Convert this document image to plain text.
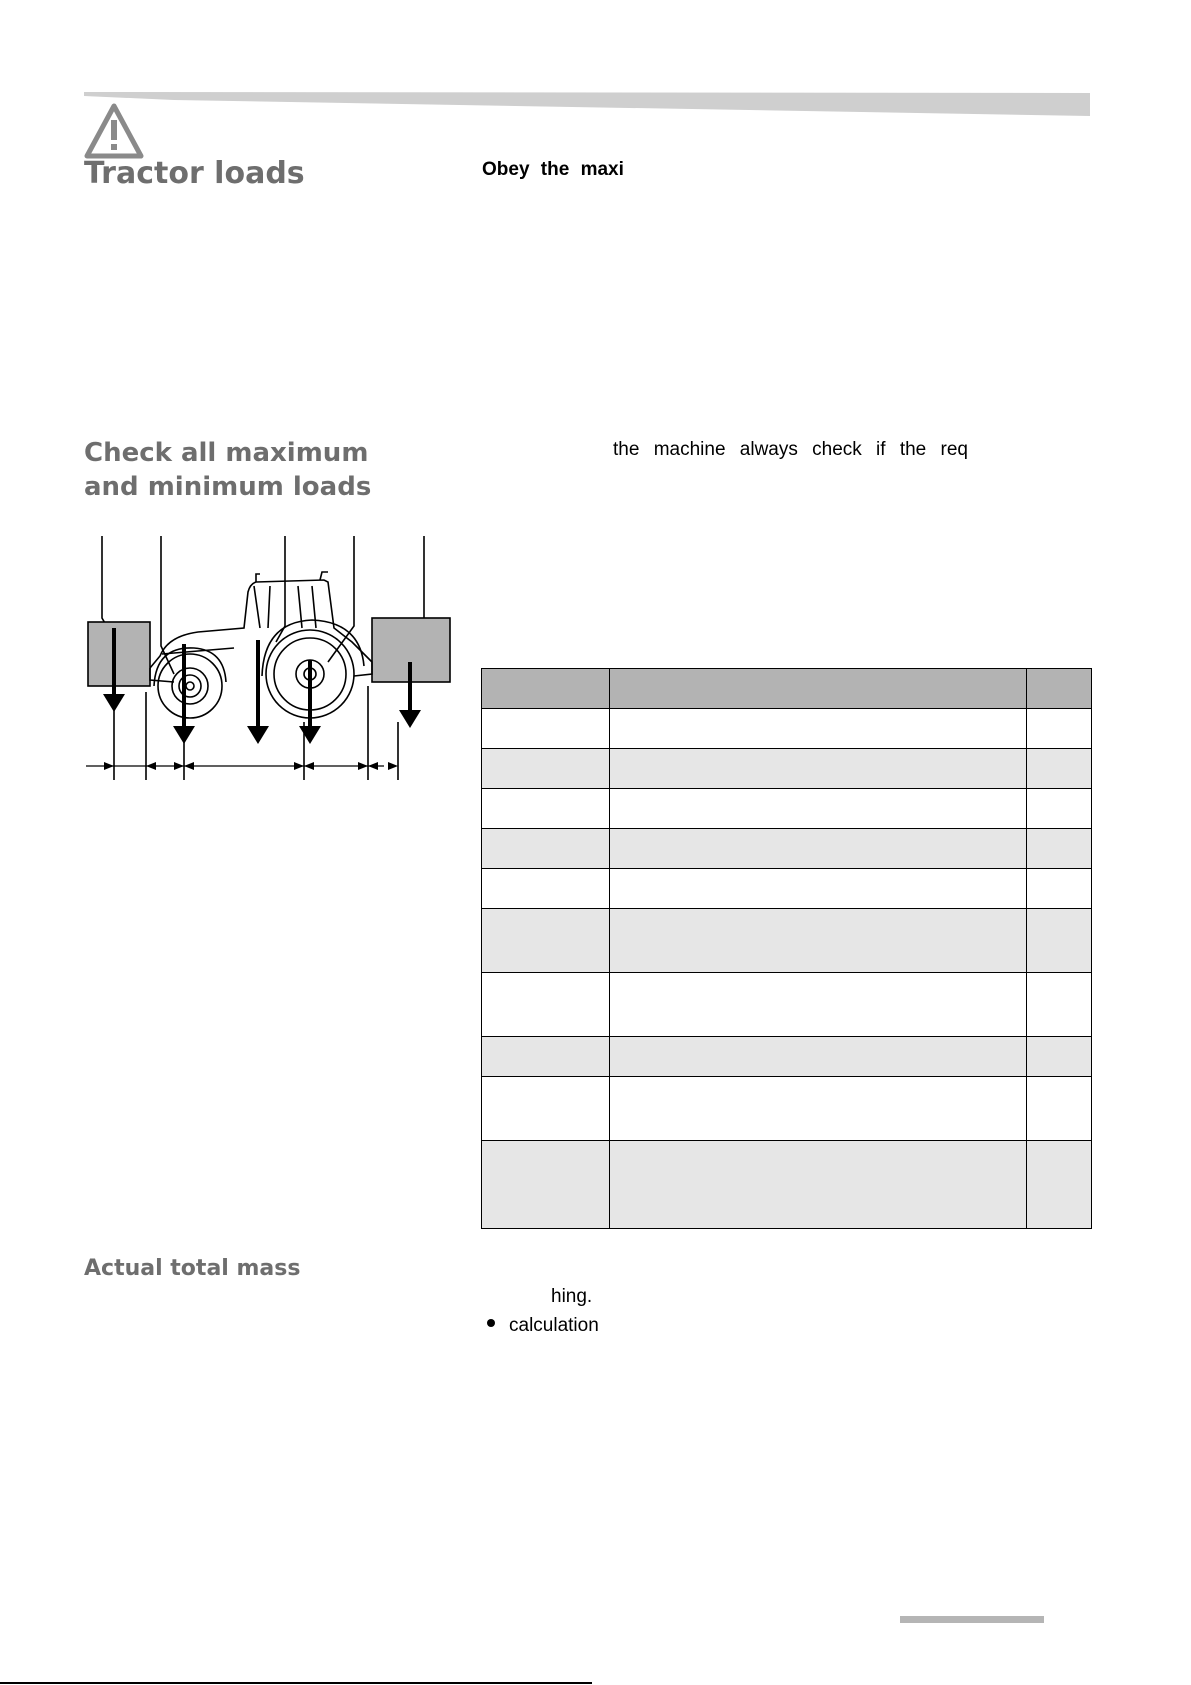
Tractor loads	Obey the maxi
Check all maximum
and minimum loads
the machine always check if the req

Actual total mass
hing.
calculation
